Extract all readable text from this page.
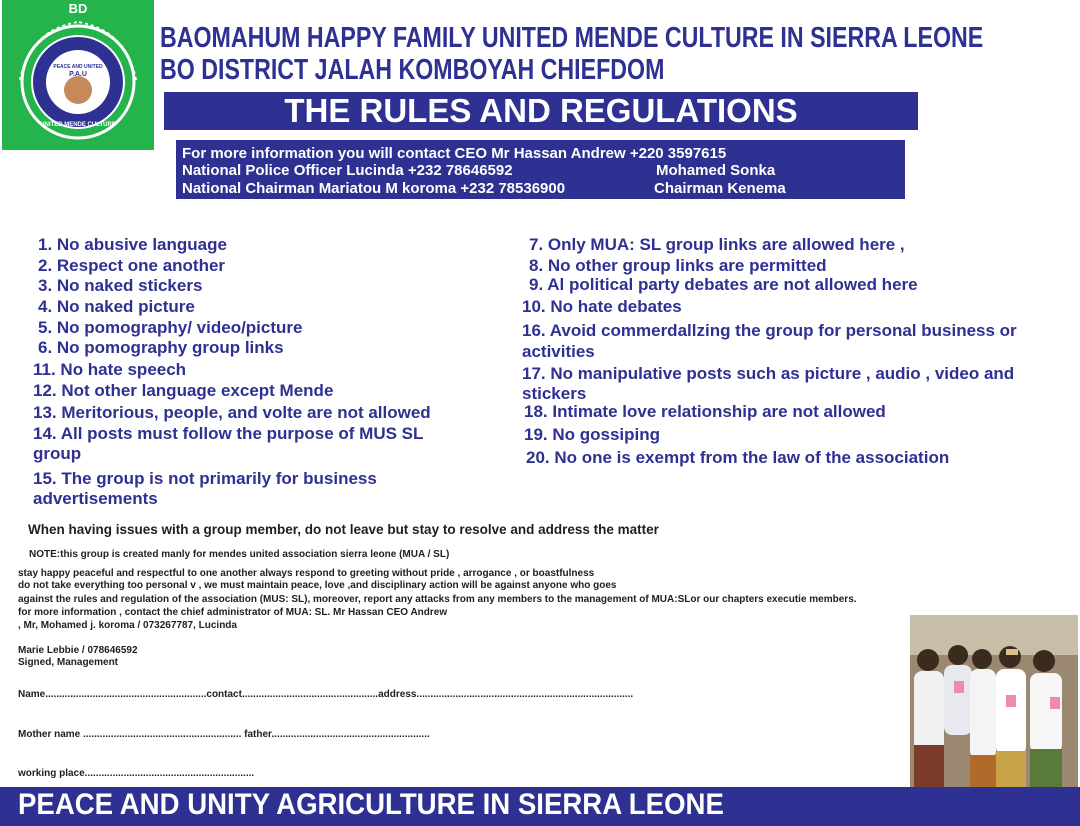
BD
PEACE AND UNITED
P.A.U
UNITED MENDE CULTURE
BAOMAHUM HAPPY FAMILY UNITED MENDE CULTURE IN SIERRA LEONE
BO DISTRICT JALAH KOMBOYAH CHIEFDOM
THE RULES AND REGULATIONS
For more information you will contact CEO Mr Hassan Andrew +220 3597615
National Police Officer Lucinda +232 78646592	Mohamed Sonka
National Chairman Mariatou M koroma +232 78536900	Chairman Kenema
1. No abusive language
2. Respect one another
3. No naked stickers
4. No naked picture
5. No pomography/ video/picture
6. No pomography group links
11. No hate speech
12. Not other language except Mende
13. Meritorious, people, and volte are not allowed
14. All posts must follow the purpose of MUS SL
group
15. The group is not primarily for business
advertisements
7. Only MUA: SL group links are allowed here ,
8. No other group links are permitted
9. Al political party debates are not allowed here
10. No hate debates
16. Avoid commerdallzing the group for personal business or
activities
17. No manipulative posts such as picture , audio , video and
stickers
18. Intimate love relationship are not allowed
19. No gossiping
20. No one is exempt from the law of the association
When having issues with a group member, do not leave but stay to resolve and address the matter
NOTE:this group is created manly for mendes united association sierra leone (MUA / SL)
stay happy peaceful and respectful to one another always respond to greeting without pride , arrogance , or boastfulness
do not take everything too personal v , we must maintain peace, love ,and disciplinary action will be against anyone who goes
against the rules and regulation of the association (MUS: SL), moreover, report any attacks from any members to the management of MUA:SLor our chapters executie members.
for more information , contact the chief administrator of MUA: SL. Mr Hassan CEO Andrew
, Mr, Mohamed j. koroma / 073267787, Lucinda
Marie Lebbie / 078646592
Signed, Management
Name..........................................................contact.................................................address..............................................................................
Mother name ......................................................... father.........................................................
working place.............................................................
PEACE AND UNITY AGRICULTURE IN SIERRA LEONE
